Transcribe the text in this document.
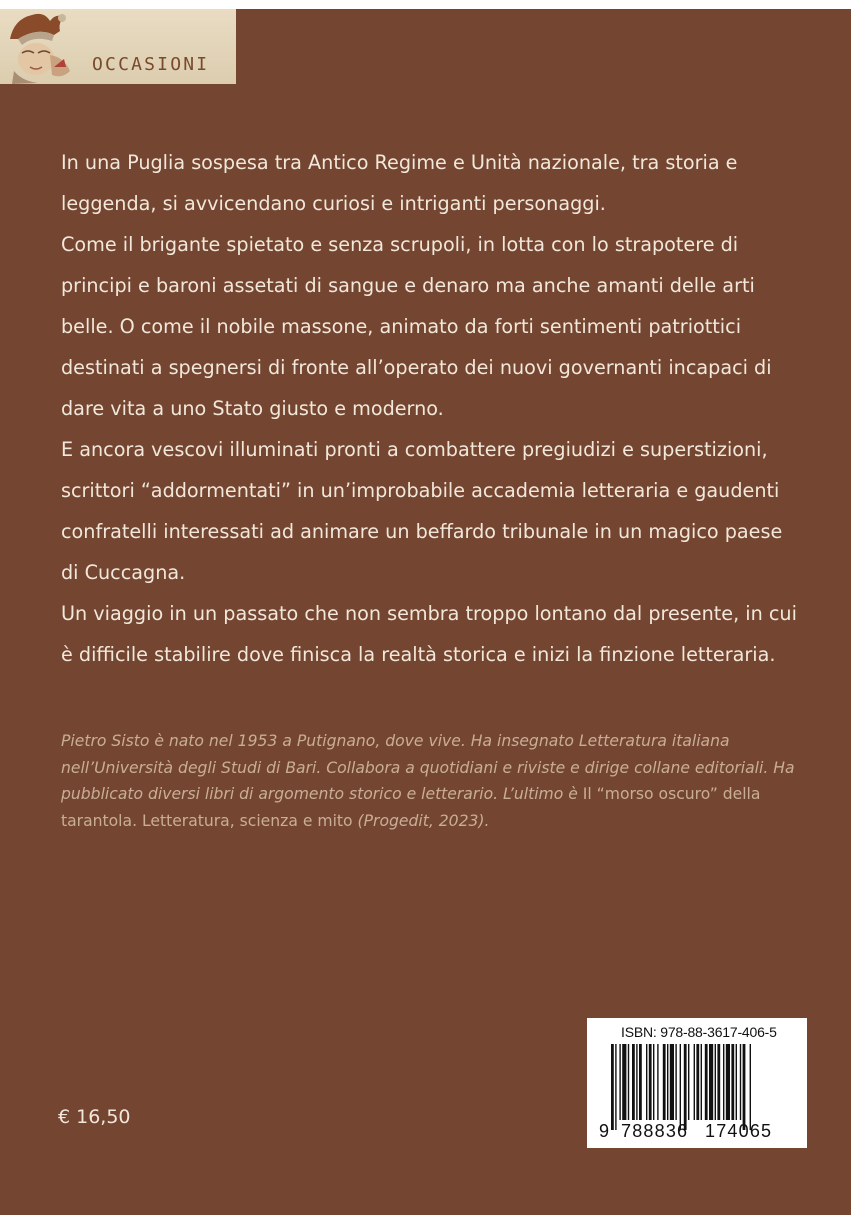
OCCASIONI

In una Puglia sospesa tra Antico Regime e Unità nazionale, tra storia e leggenda, si avvicendano curiosi e intriganti personaggi.

Come il brigante spietato e senza scrupoli, in lotta con lo strapotere di principi e baroni assetati di sangue e denaro ma anche amanti delle arti belle. O come il nobile massone, animato da forti sentimenti patriottici destinati a spegnersi di fronte all’operato dei nuovi governanti incapaci di dare vita a uno Stato giusto e moderno.

E ancora vescovi illuminati pronti a combattere pregiudizi e superstizioni, scrittori “addormentati” in un’improbabile accademia letteraria e gaudenti confratelli interessati ad animare un beffardo tribunale in un magico paese di Cuccagna.

Un viaggio in un passato che non sembra troppo lontano dal presente, in cui è difficile stabilire dove finisca la realtà storica e inizi la finzione letteraria.

Pietro Sisto è nato nel 1953 a Putignano, dove vive. Ha insegnato Letteratura italiana nell’Università degli Studi di Bari. Collabora a quotidiani e riviste e dirige collane editoriali. Ha pubblicato diversi libri di argomento storico e letterario. L’ultimo è Il “morso oscuro” della tarantola. Letteratura, scienza e mito (Progedit, 2023).

€ 16,50
ISBN: 978-88-3617-406-5
9 788836 174065
